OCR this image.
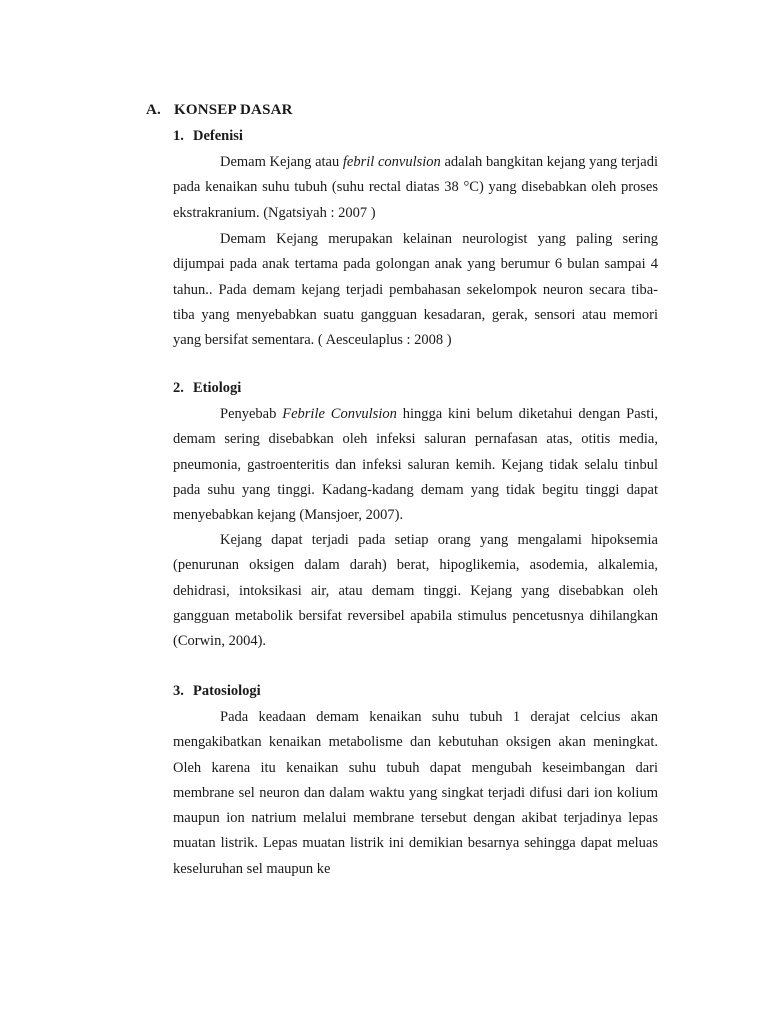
A. KONSEP DASAR
1. Defenisi

Demam Kejang atau febril convulsion adalah bangkitan kejang yang terjadi pada kenaikan suhu tubuh (suhu rectal diatas 38 °C) yang disebabkan oleh proses ekstrakranium. (Ngatsiyah : 2007 )

Demam Kejang merupakan kelainan neurologist yang paling sering dijumpai pada anak tertama pada golongan anak yang berumur 6 bulan sampai 4 tahun.. Pada demam kejang terjadi pembahasan sekelompok neuron secara tiba-tiba yang menyebabkan suatu gangguan kesadaran, gerak, sensori atau memori yang bersifat sementara. ( Aesceulaplus : 2008 )

2. Etiologi

Penyebab Febrile Convulsion hingga kini belum diketahui dengan Pasti, demam sering disebabkan oleh infeksi saluran pernafasan atas, otitis media, pneumonia, gastroenteritis dan infeksi saluran kemih. Kejang tidak selalu tinbul pada suhu yang tinggi. Kadang-kadang demam yang tidak begitu tinggi dapat menyebabkan kejang (Mansjoer, 2007).

Kejang dapat terjadi pada setiap orang yang mengalami hipoksemia (penurunan oksigen dalam darah) berat, hipoglikemia, asodemia, alkalemia, dehidrasi, intoksikasi air, atau demam tinggi. Kejang yang disebabkan oleh gangguan metabolik bersifat reversibel apabila stimulus pencetusnya dihilangkan (Corwin, 2004).

3. Patosiologi

Pada keadaan demam kenaikan suhu tubuh 1 derajat celcius akan mengakibatkan kenaikan metabolisme dan kebutuhan oksigen akan meningkat. Oleh karena itu kenaikan suhu tubuh dapat mengubah keseimbangan dari membrane sel neuron dan dalam waktu yang singkat terjadi difusi dari ion kolium maupun ion natrium melalui membrane tersebut dengan akibat terjadinya lepas muatan listrik. Lepas muatan listrik ini demikian besarnya sehingga dapat meluas keseluruhan sel maupun ke
